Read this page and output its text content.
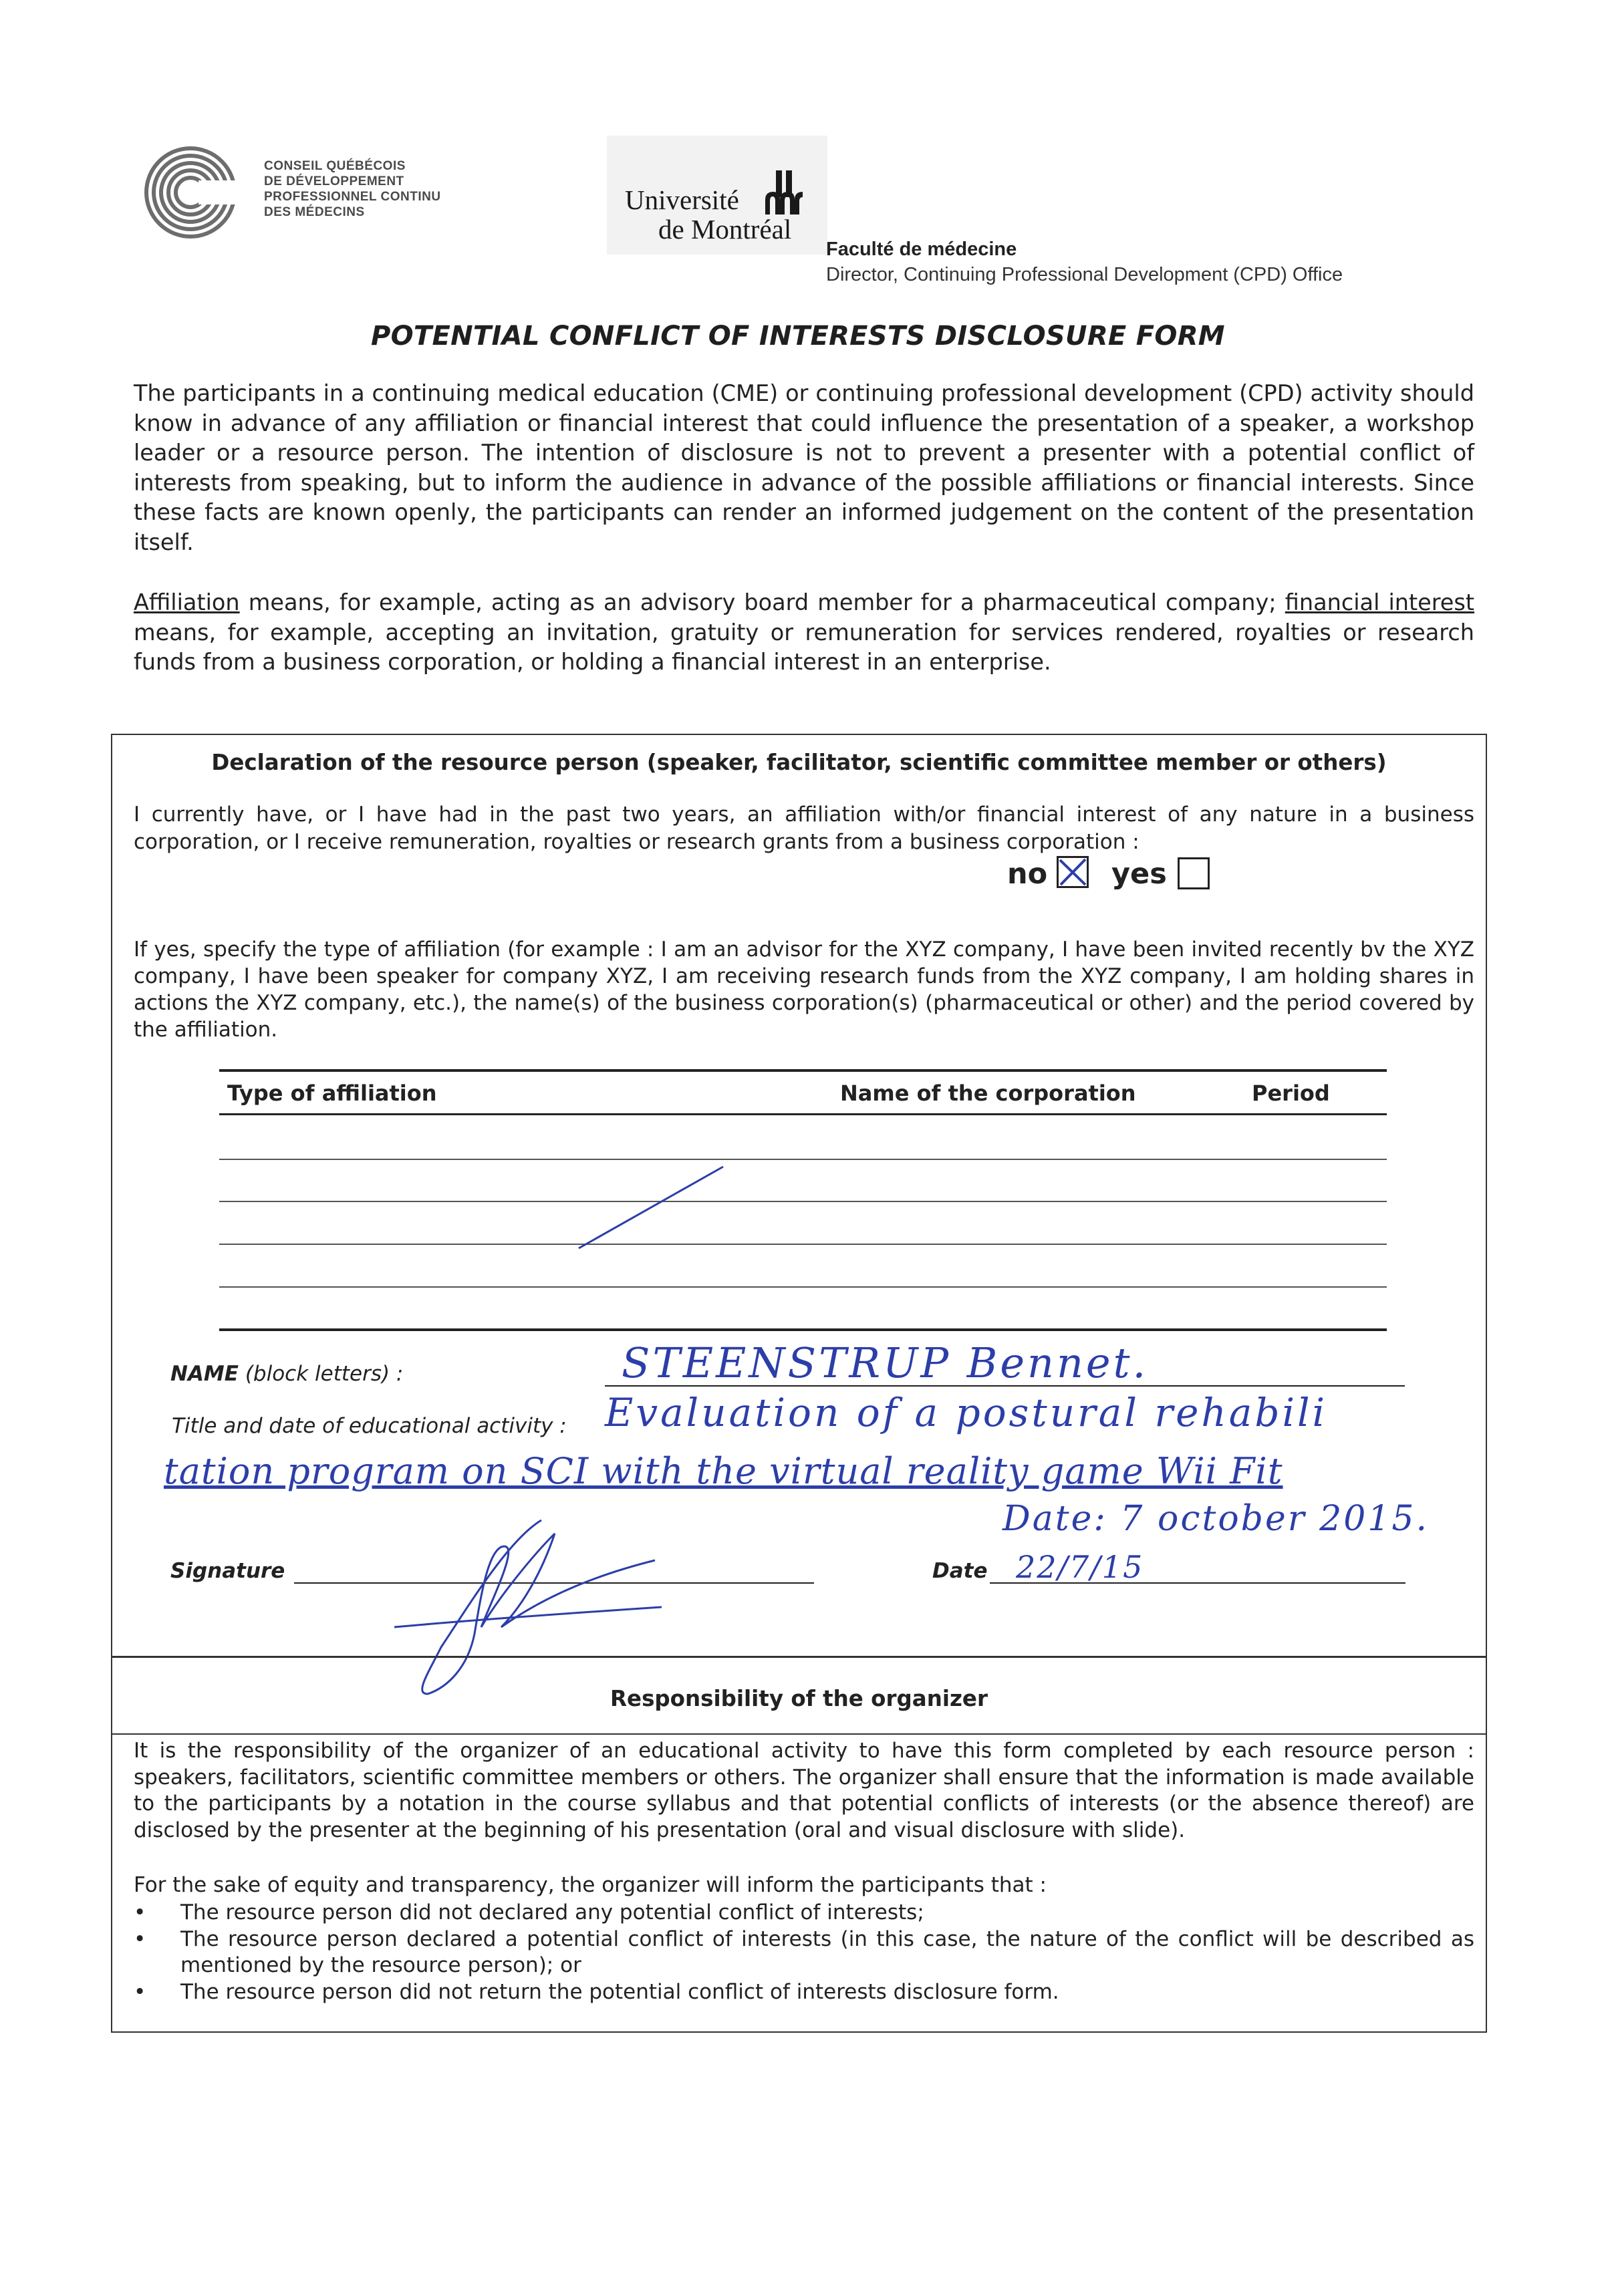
CONSEIL QUÉBÉCOIS
DE DÉVELOPPEMENT
PROFESSIONNEL CONTINU
DES MÉDECINS	Université
de Montréal
Faculté de médecine
Director, Continuing Professional Development (CPD) Office
POTENTIAL CONFLICT OF INTERESTS DISCLOSURE FORM
The participants in a continuing medical education (CME) or continuing professional development (CPD) activity should know in advance of any affiliation or financial interest that could influence the presentation of a speaker, a workshop leader or a resource person. The intention of disclosure is not to prevent a presenter with a potential conflict of interests from speaking, but to inform the audience in advance of the possible affiliations or financial interests. Since these facts are known openly, the participants can render an informed judgement on the content of the presentation itself.
Affiliation means, for example, acting as an advisory board member for a pharmaceutical company; financial interest means, for example, accepting an invitation, gratuity or remuneration for services rendered, royalties or research funds from a business corporation, or holding a financial interest in an enterprise.
Declaration of the resource person (speaker, facilitator, scientific committee member or others)
I currently have, or I have had in the past two years, an affiliation with/or financial interest of any nature in a business corporation, or I receive remuneration, royalties or research grants from a business corporation :
no yes
If yes, specify the type of affiliation (for example : I am an advisor for the XYZ company, I have been invited recently bv the XYZ company, I have been speaker for company XYZ, I am receiving research funds from the XYZ company, I am holding shares in actions the XYZ company, etc.), the name(s) of the business corporation(s) (pharmaceutical or other) and the period covered by the affiliation.
Type of affiliation	Name of the corporation	Period
NAME (block letters) :	STEENSTRUP Bennet.
Title and date of educational activity : Evaluation of a postural rehabili
tation program on SCI with the virtual reality game Wii Fit
Date: 7 october 2015.
Signature	Date 22/7/15
Responsibility of the organizer
It is the responsibility of the organizer of an educational activity to have this form completed by each resource person : speakers, facilitators, scientific committee members or others. The organizer shall ensure that the information is made available to the participants by a notation in the course syllabus and that potential conflicts of interests (or the absence thereof) are disclosed by the presenter at the beginning of his presentation (oral and visual disclosure with slide).
For the sake of equity and transparency, the organizer will inform the participants that :
•	The resource person did not declared any potential conflict of interests;
•	The resource person declared a potential conflict of interests (in this case, the nature of the conflict will be described as mentioned by the resource person); or
•	The resource person did not return the potential conflict of interests disclosure form.
